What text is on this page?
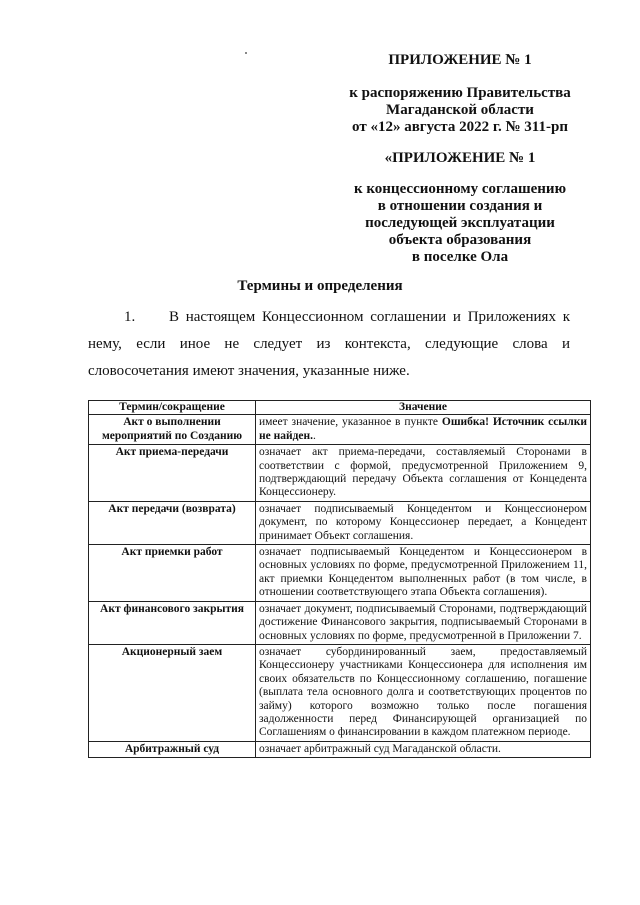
ПРИЛОЖЕНИЕ № 1
к распоряжению Правительства
Магаданской области
от «12» августа 2022 г. № 311-рп
«ПРИЛОЖЕНИЕ № 1
к концессионному соглашению
в отношении создания и
последующей эксплуатации
объекта образования
в поселке Ола
Термины и определения
1.     В настоящем Концессионном соглашении и Приложениях к нему, если иное не следует из контекста, следующие слова и словосочетания имеют значения, указанные ниже.
Термин/сокращение	Значение
Акт о выполнении мероприятий по Созданию	имеет значение, указанное в пункте Ошибка! Источник ссылки не найден..
Акт приема-передачи	означает акт приема-передачи, составляемый Сторонами в соответствии с формой, предусмотренной Приложением 9, подтверждающий передачу Объекта соглашения от Концедента Концессионеру.
Акт передачи (возврата)	означает подписываемый Концедентом и Концессионером документ, по которому Концессионер передает, а Концедент принимает Объект соглашения.
Акт приемки работ	означает подписываемый Концедентом и Концессионером в основных условиях по форме, предусмотренной Приложением 11, акт приемки Концедентом выполненных работ (в том числе, в отношении соответствующего этапа Объекта соглашения).
Акт финансового закрытия	означает документ, подписываемый Сторонами, подтверждающий достижение Финансового закрытия, подписываемый Сторонами в основных условиях по форме, предусмотренной в Приложении 7.
Акционерный заем	означает субординированный заем, предоставляемый Концессионеру участниками Концессионера для исполнения им своих обязательств по Концессионному соглашению, погашение (выплата тела основного долга и соответствующих процентов по займу) которого возможно только после погашения задолженности перед Финансирующей организацией по Соглашениям о финансировании в каждом платежном периоде.
Арбитражный суд	означает арбитражный суд Магаданской области.
